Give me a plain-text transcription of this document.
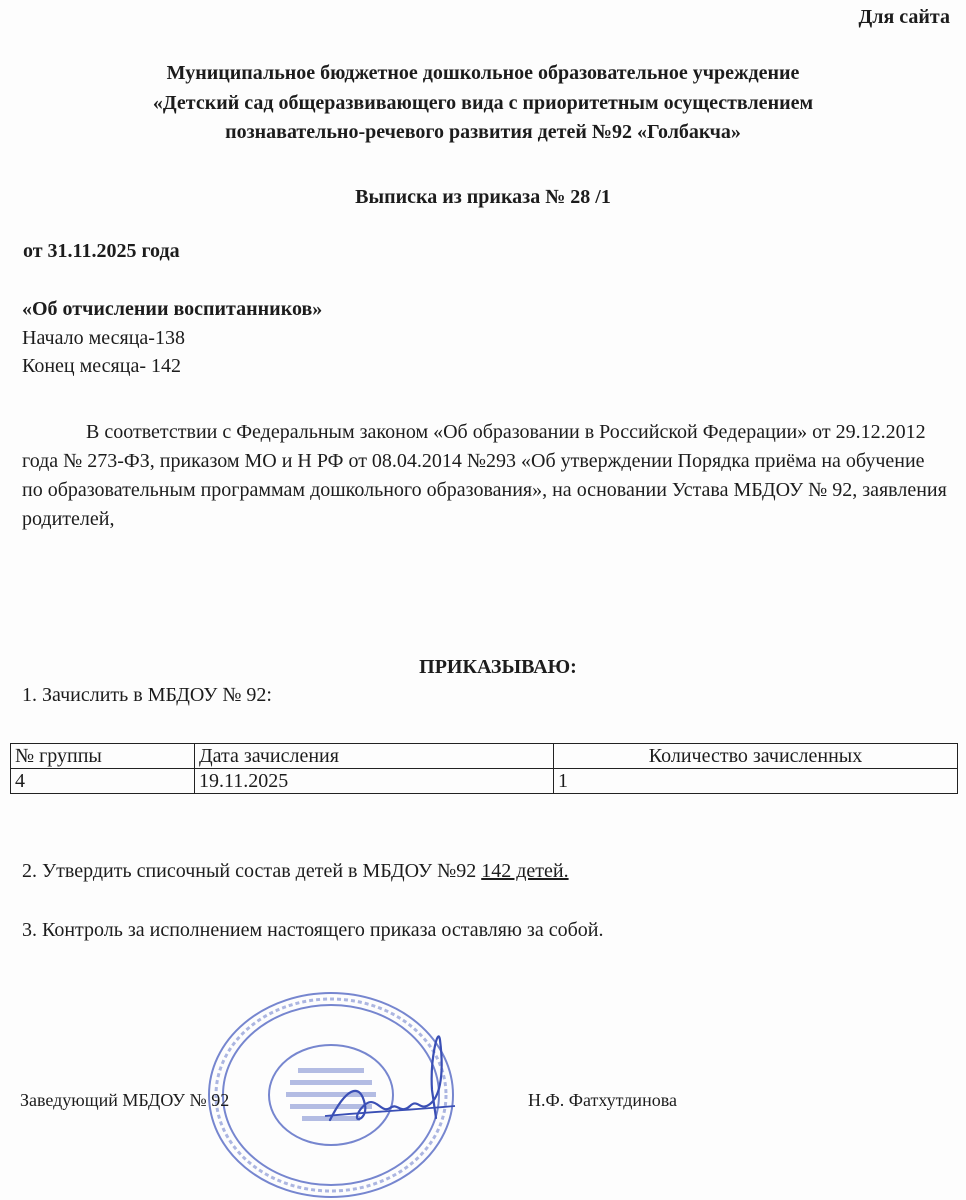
Для сайта
Муниципальное бюджетное дошкольное образовательное учреждение
«Детский сад общеразвивающего вида с приоритетным осуществлением
познавательно-речевого развития детей №92 «Голбакча»
Выписка из приказа № 28 /1
от 31.11.2025 года
«Об отчислении воспитанников»
Начало месяца-138
Конец месяца- 142
В соответствии с Федеральным законом «Об образовании в Российской Федерации» от 29.12.2012 года № 273-ФЗ, приказом МО и Н РФ от 08.04.2014 №293 «Об утверждении Порядка приёма на обучение по образовательным программам дошкольного образования», на основании Устава МБДОУ № 92, заявления родителей,
ПРИКАЗЫВАЮ:
1. Зачислить в МБДОУ № 92:
№ группы	Дата зачисления	Количество зачисленных
4	19.11.2025	1
2. Утвердить списочный состав детей в МБДОУ №92 142 детей.
3. Контроль за исполнением настоящего приказа оставляю за собой.
Заведующий МБДОУ № 92	Н.Ф. Фатхутдинова
